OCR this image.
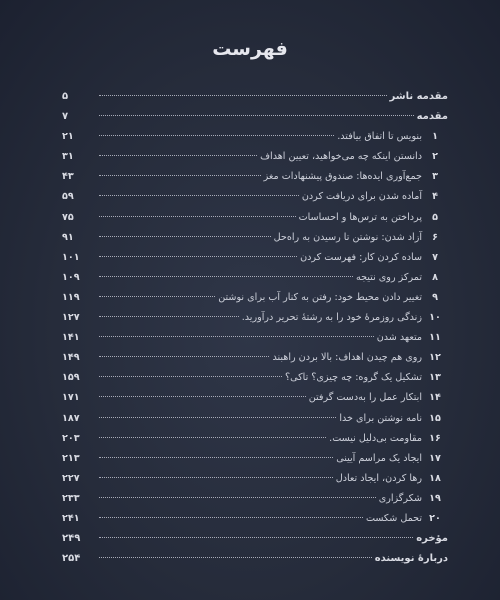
فهرست
مقدمه ناشر
۵
مقدمه
۷
۱
بنویس تا اتفاق بیافتد.
۲۱
۲
دانستن اینکه چه می‌خواهید، تعیین اهداف
۳۱
۳
جمع‌آوری ایده‌ها: صندوق پیشنهادات مغز
۴۳
۴
آماده شدن برای دریافت کردن
۵۹
۵
پرداختن به ترس‌ها و احساسات
۷۵
۶
آزاد شدن: نوشتن تا رسیدن به راه‌حل
۹۱
۷
ساده کردن کار: فهرست کردن
۱۰۱
۸
تمرکز روی نتیجه
۱۰۹
۹
تغییر دادن محیط خود: رفتن به کنار آب برای نوشتن
۱۱۹
۱۰
زندگی روزمرهٔ خود را به رشتهٔ تحریر درآورید.
۱۲۷
۱۱
متعهد شدن
۱۴۱
۱۲
روی هم چیدن اهداف: بالا بردن راهبند
۱۴۹
۱۳
تشکیل یک گروه: چه چیزی؟ تاکی؟
۱۵۹
۱۴
ابتکار عمل را به‌دست گرفتن
۱۷۱
۱۵
نامه نوشتن برای خدا
۱۸۷
۱۶
مقاومت بی‌دلیل نیست.
۲۰۳
۱۷
ایجاد یک مراسم آیینی
۲۱۳
۱۸
رها کردن، ایجاد تعادل
۲۲۷
۱۹
شکرگزاری
۲۳۳
۲۰
تحمل شکست
۲۴۱
مؤخره
۲۴۹
دربارهٔ نویسنده
۲۵۴
